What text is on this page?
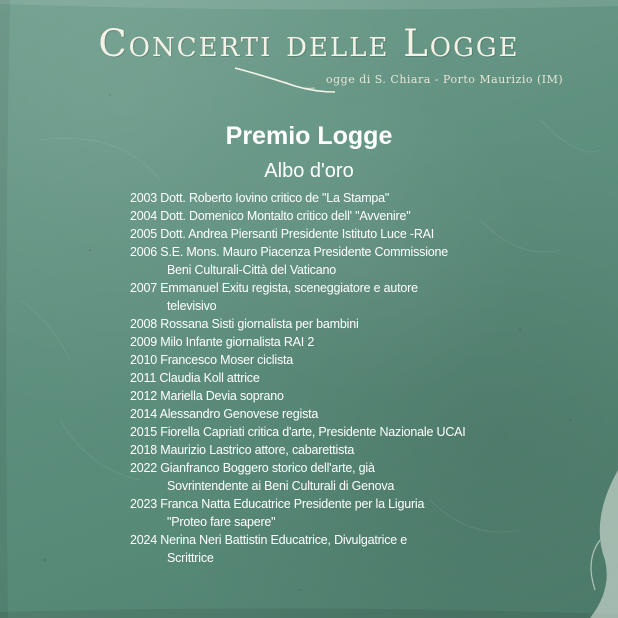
Concerti delle Logge
ogge di S. Chiara - Porto Maurizio (IM)
Premio Logge
Albo d'oro
2003 Dott. Roberto Iovino critico de "La Stampa"
2004 Dott. Domenico Montalto critico dell' "Avvenire"
2005 Dott. Andrea Piersanti Presidente Istituto Luce -RAI
2006 S.E. Mons. Mauro Piacenza Presidente Commissione
Beni Culturali-Città del Vaticano
2007 Emmanuel Exitu regista, sceneggiatore e autore
televisivo
2008 Rossana Sisti giornalista per bambini
2009 Milo Infante giornalista RAI 2
2010 Francesco Moser ciclista
2011 Claudia Koll attrice
2012 Mariella Devia soprano
2014 Alessandro Genovese regista
2015 Fiorella Capriati critica d'arte, Presidente Nazionale UCAI
2018 Maurizio Lastrico attore, cabarettista
2022 Gianfranco Boggero storico dell'arte, già
Sovrintendente ai Beni Culturali di Genova
2023 Franca Natta Educatrice Presidente per la Liguria
"Proteo fare sapere"
2024 Nerina Neri Battistin Educatrice, Divulgatrice e
Scrittrice
